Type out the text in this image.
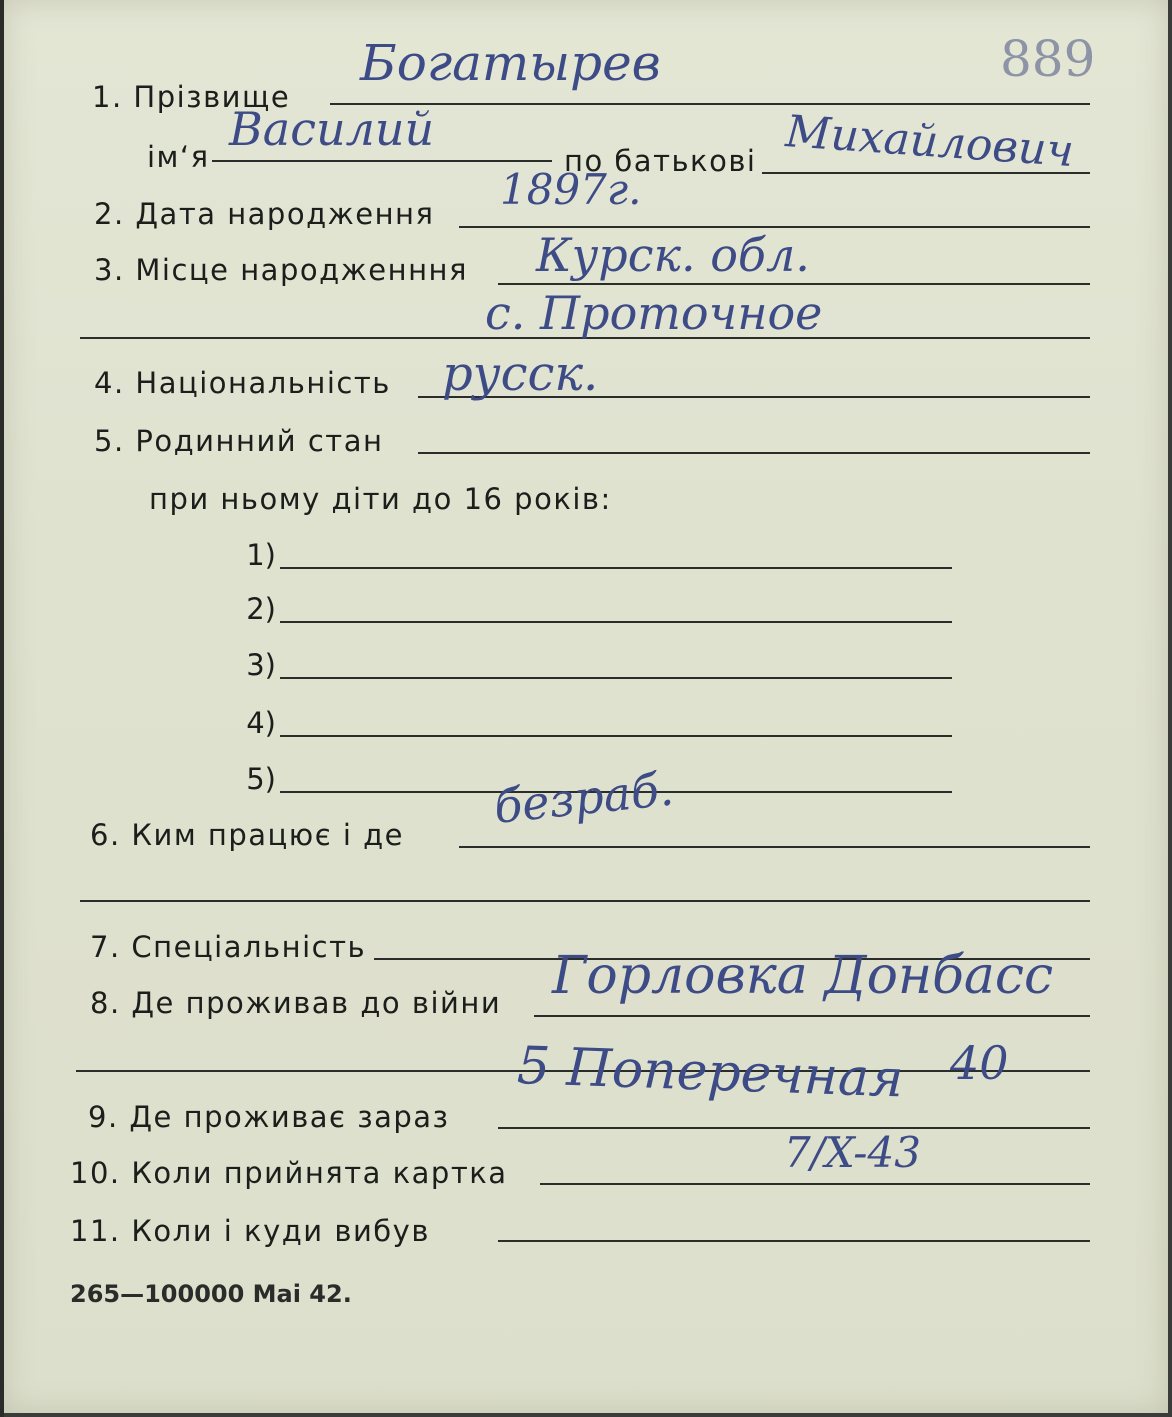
889
1. Прізвище
Богатырев
ім‘я
Василий
по батькові Михайлович
2. Дата народження 1897г.
3. Місце народженння Курск. обл.
с. Проточное
4. Національність русск.
5. Родинний стан
при ньому діти до 16 років:
1)
2)
3)
4)
5)
6. Ким працює і де
безраб.
7. Спеціальність
8. Де проживав до війни Горловка Донбасс
5 Поперечная 40
9. Де проживає зараз
10. Коли прийнята картка	7/X-43
11. Коли і куди вибув
265—100000 Mai 42.
